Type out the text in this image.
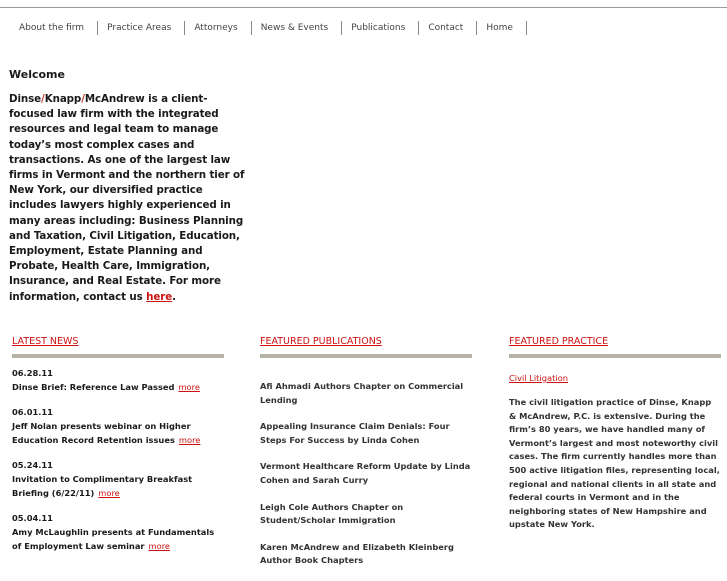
About the firm	Practice Areas	Attorneys	News & Events	Publications	Contact	Home
Welcome
Dinse/Knapp/McAndrew is a client-focused law firm with the integrated resources and legal team to manage today’s most complex cases and transactions. As one of the largest law firms in Vermont and the northern tier of New York, our diversified practice includes lawyers highly experienced in many areas including: Business Planning and Taxation, Civil Litigation, Education, Employment, Estate Planning and Probate, Health Care, Immigration, Insurance, and Real Estate. For more information, contact us here.
LATEST NEWS
06.28.11
Dinse Brief: Reference Law Passed more
06.01.11
Jeff Nolan presents webinar on Higher Education Record Retention issues more
05.24.11
Invitation to Complimentary Breakfast Briefing (6/22/11) more
05.04.11
Amy McLaughlin presents at Fundamentals of Employment Law seminar more
FEATURED PUBLICATIONS
Afi Ahmadi Authors Chapter on Commercial Lending
Appealing Insurance Claim Denials: Four Steps For Success by Linda Cohen
Vermont Healthcare Reform Update by Linda Cohen and Sarah Curry
Leigh Cole Authors Chapter on Student/Scholar Immigration
Karen McAndrew and Elizabeth Kleinberg Author Book Chapters
FEATURED PRACTICE
Civil Litigation
The civil litigation practice of Dinse, Knapp & McAndrew, P.C. is extensive. During the firm’s 80 years, we have handled many of Vermont’s largest and most noteworthy civil cases. The firm currently handles more than 500 active litigation files, representing local, regional and national clients in all state and federal courts in Vermont and in the neighboring states of New Hampshire and upstate New York.
